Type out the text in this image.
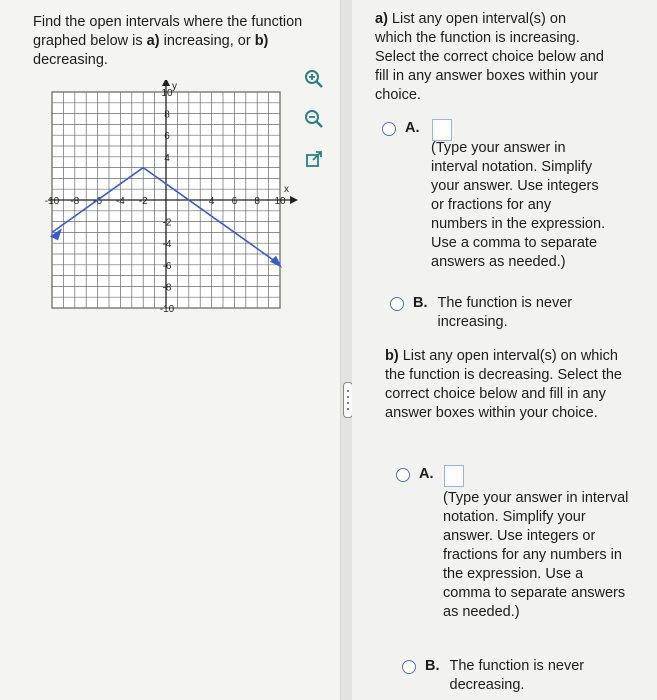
Find the open intervals where the function graphed below is a) increasing, or b) decreasing.
x
y
-10 -8 -6 -4 -2	4 6 8 10
10
8
6
4
-2
-4
-6
-8
-10
a) List any open interval(s) on which the function is increasing. Select the correct choice below and fill in any answer boxes within your choice.
A.
(Type your answer in interval notation. Simplify your answer. Use integers or fractions for any numbers in the expression. Use a comma to separate answers as needed.)
B. The function is never increasing.
b) List any open interval(s) on which the function is decreasing. Select the correct choice below and fill in any answer boxes within your choice.
A.
(Type your answer in interval notation. Simplify your answer. Use integers or fractions for any numbers in the expression. Use a comma to separate answers as needed.)
B. The function is never decreasing.
